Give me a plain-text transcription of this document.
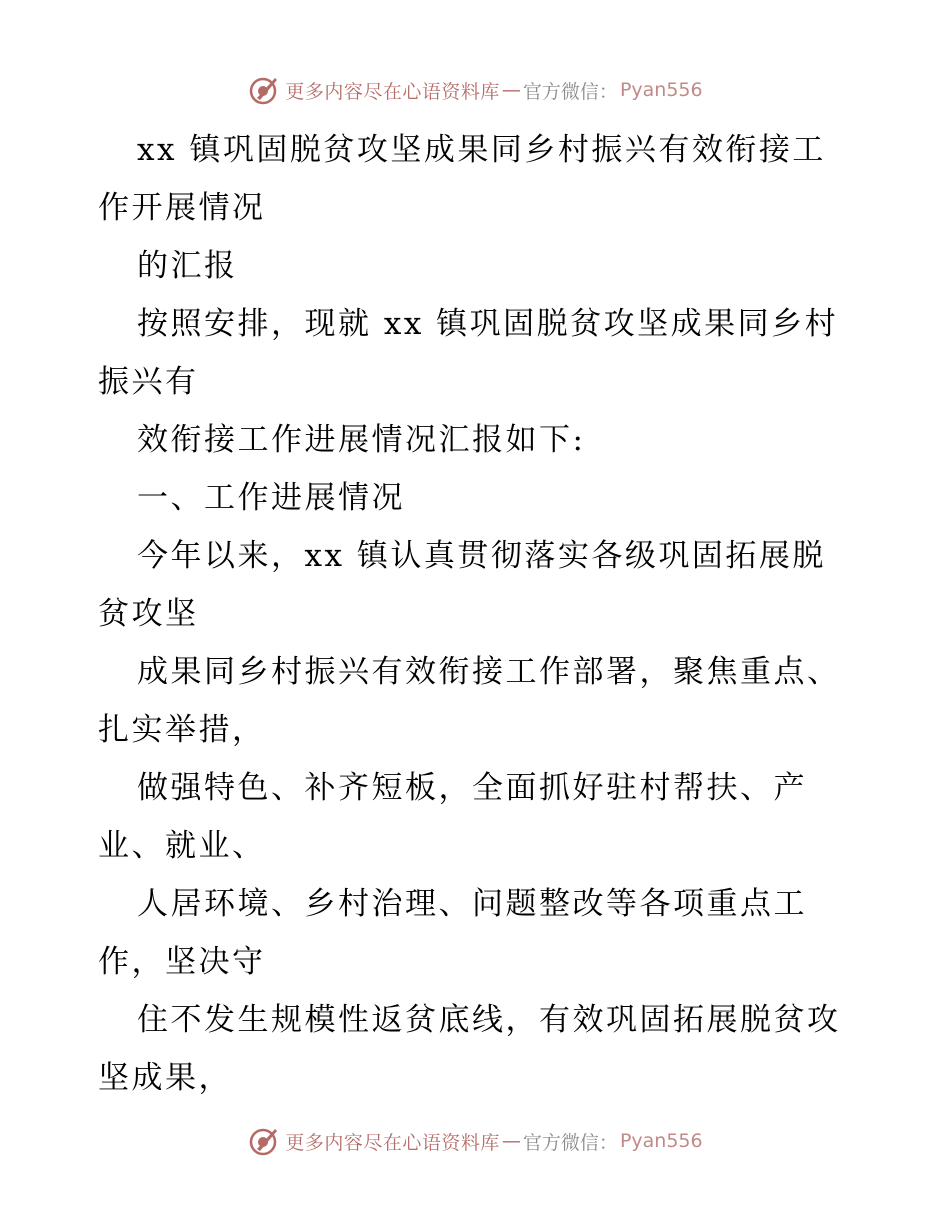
更多内容尽在心语资料库 — 官方微信： Pyan556
xx 镇巩固脱贫攻坚成果同乡村振兴有效衔接工
作开展情况
的汇报
按照安排，现就 xx 镇巩固脱贫攻坚成果同乡村
振兴有
效衔接工作进展情况汇报如下:
一、工作进展情况
今年以来，xx 镇认真贯彻落实各级巩固拓展脱
贫攻坚
成果同乡村振兴有效衔接工作部署，聚焦重点、
扎实举措，
做强特色、补齐短板，全面抓好驻村帮扶、产
业、就业、
人居环境、乡村治理、问题整改等各项重点工
作，坚决守
住不发生规模性返贫底线，有效巩固拓展脱贫攻
坚成果，
更多内容尽在心语资料库 — 官方微信： Pyan556
